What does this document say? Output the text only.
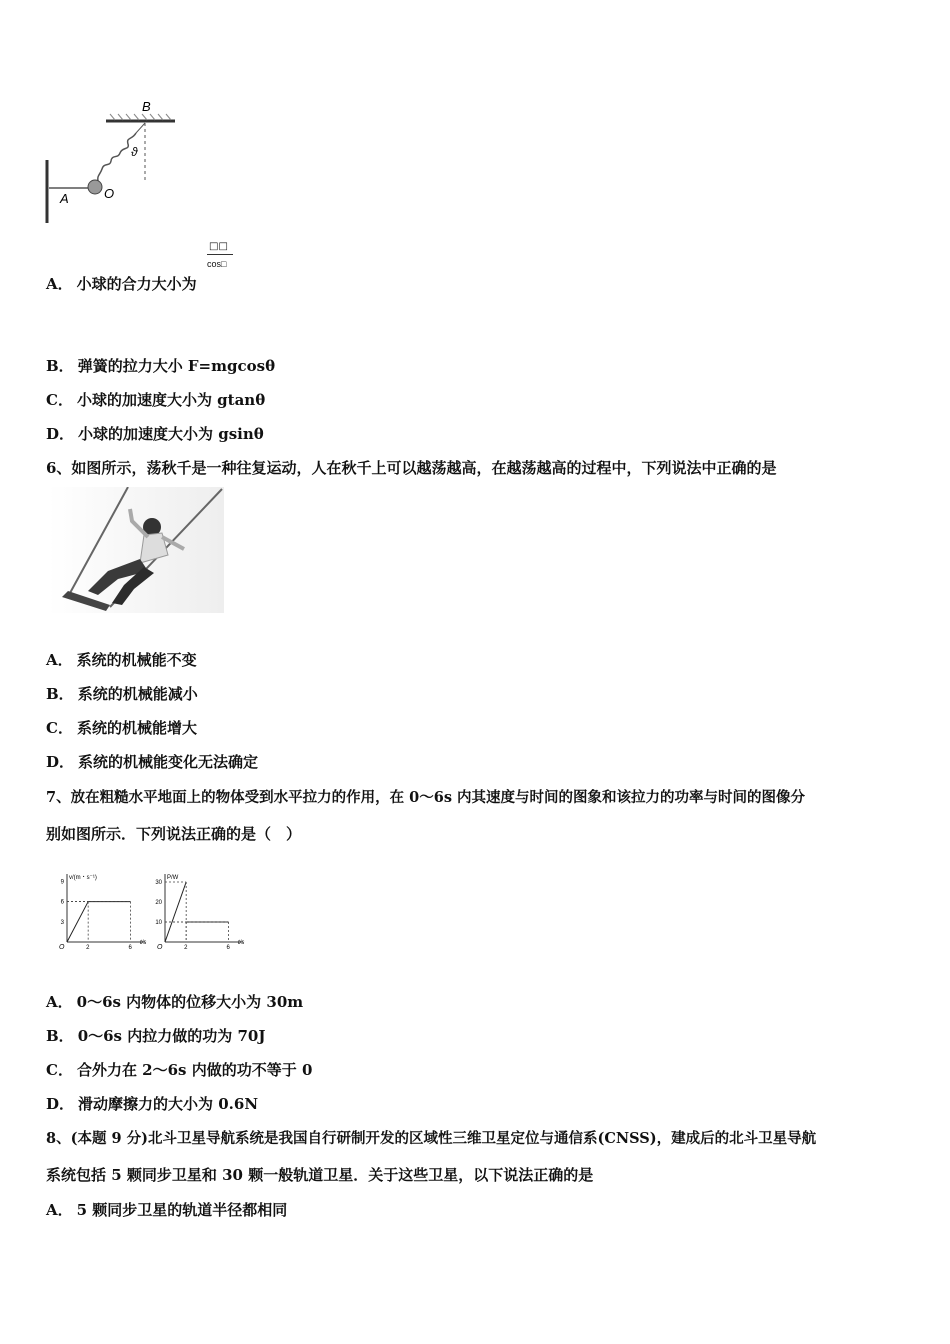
B
A
ϑ
O
□□
cos□
A． 小球的合力大小为
B． 弹簧的拉力大小 F=mgcosθ
C． 小球的加速度大小为 gtanθ
D． 小球的加速度大小为 gsinθ
6、如图所示，荡秋千是一种往复运动，人在秋千上可以越荡越高，在越荡越高的过程中，下列说法中正确的是
A． 系统的机械能不变
B． 系统的机械能减小
C． 系统的机械能增大
D． 系统的机械能变化无法确定
7、放在粗糙水平地面上的物体受到水平拉力的作用，在 0～6s 内其速度与时间的图象和该拉力的功率与时间的图像分
别如图所示．下列说法正确的是（　）
v/(m・s⁻¹)
t/s
O
3
6
9
2	6
P/W
t/s
O
10
20
30
2	6
A． 0～6s 内物体的位移大小为 30m
B． 0～6s 内拉力做的功为 70J
C． 合外力在 2～6s 内做的功不等于 0
D． 滑动摩擦力的大小为 0.6N
8、(本题 9 分)北斗卫星导航系统是我国自行研制开发的区域性三维卫星定位与通信系(CNSS)，建成后的北斗卫星导航
系统包括 5 颗同步卫星和 30 颗一般轨道卫星．关于这些卫星，以下说法正确的是
A． 5 颗同步卫星的轨道半径都相同
